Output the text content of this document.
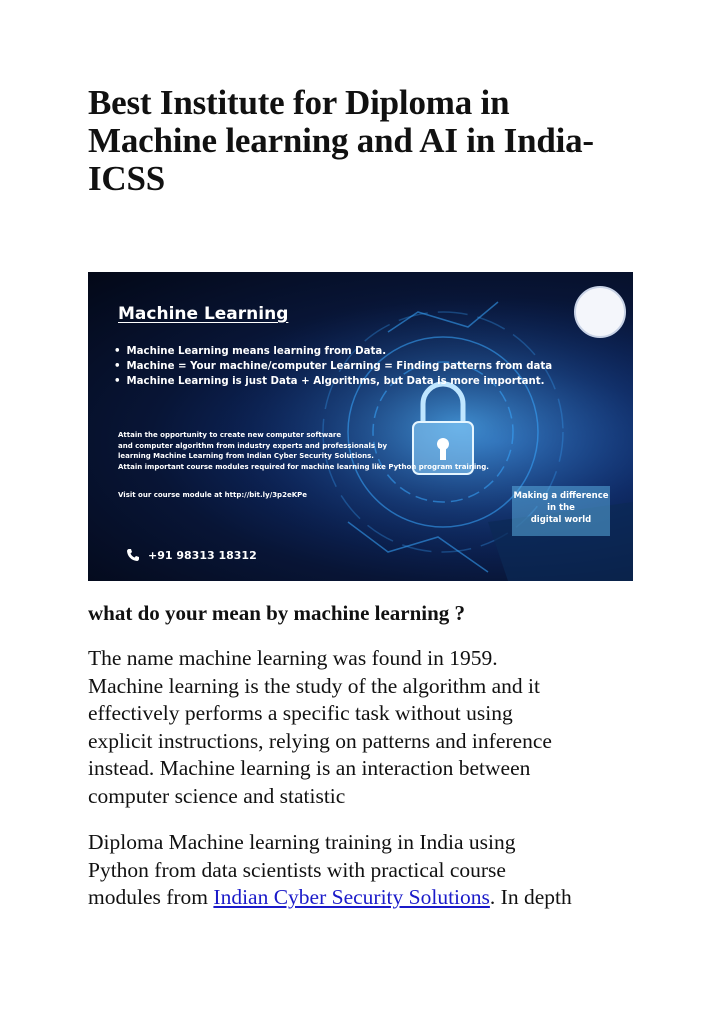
Best Institute for Diploma in
Machine learning and AI in India-
ICSS
Machine Learning
• Machine Learning means learning from Data.
• Machine = Your machine/computer Learning = Finding patterns from data
• Machine Learning is just Data + Algorithms, but Data is more important.
Attain the opportunity to create new computer software
and computer algorithm from industry experts and professionals by
learning Machine Learning from Indian Cyber Security Solutions.
Attain important course modules required for machine learning like Python program training.
Visit our course module at http://bit.ly/3p2eKPe	Making a difference
in the
digital world
+91 98313 18312
what do your mean by machine learning ?

The name machine learning was found in 1959.
Machine learning is the study of the algorithm and it
effectively performs a specific task without using
explicit instructions, relying on patterns and inference
instead. Machine learning is an interaction between
computer science and statistic

Diploma Machine learning training in India using
Python from data scientists with practical course
modules from Indian Cyber Security Solutions. In depth
